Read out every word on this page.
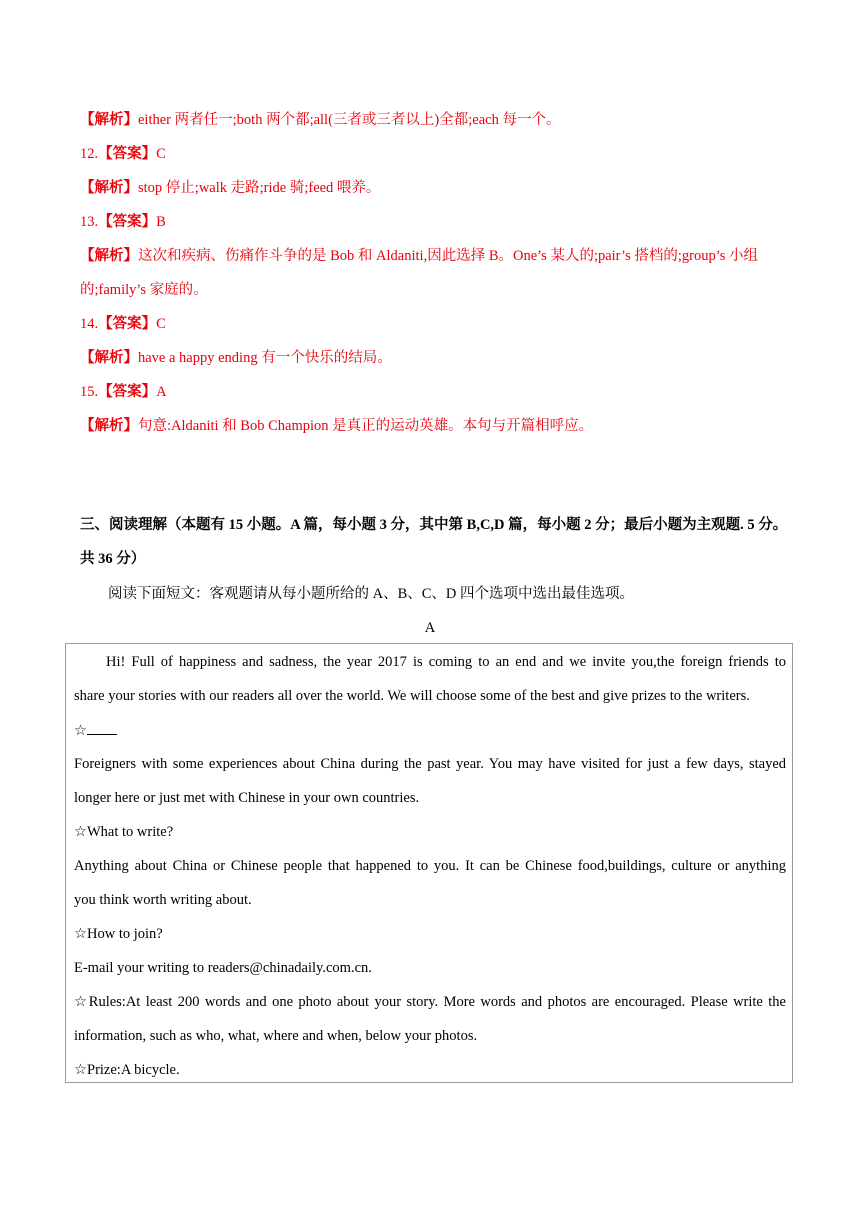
【解析】either 两者任一;both 两个都;all(三者或三者以上)全都;each 每一个。
12.【答案】C
【解析】stop 停止;walk 走路;ride 骑;feed 喂养。
13.【答案】B
【解析】这次和疾病、伤痛作斗争的是 Bob 和 Aldaniti,因此选择 B。One’s 某人的;pair’s 搭档的;group’s 小组
的;family’s 家庭的。
14.【答案】C
【解析】have a happy ending 有一个快乐的结局。
15.【答案】A
【解析】句意:Aldaniti 和 Bob Champion 是真正的运动英雄。本句与开篇相呼应。
三、阅读理解（本题有 15 小题。A 篇，每小题 3 分，其中第 B,C,D 篇，每小题 2 分；最后小题为主观题. 5 分。共 36 分）
阅读下面短文：客观题请从每小题所给的 A、B、C、D 四个选项中选出最佳选项。
A
Hi! Full of happiness and sadness, the year 2017 is coming to an end and we invite you,the foreign friends to
share your stories with our readers all over the world. We will choose some of the best and give prizes to the writers.
☆
Foreigners with some experiences about China during the past year. You may have visited for just a few days, stayed
longer here or just met with Chinese in your own countries.
☆What to write?
Anything about China or Chinese people that happened to you. It can be Chinese food,buildings, culture or anything
you think worth writing about.
☆How to join?
E-mail your writing to readers@chinadaily.com.cn.
☆Rules:At least 200 words and one photo about your story. More words and photos are encouraged. Please write the
information, such as who, what, where and when, below your photos.
☆Prize:A bicycle.
